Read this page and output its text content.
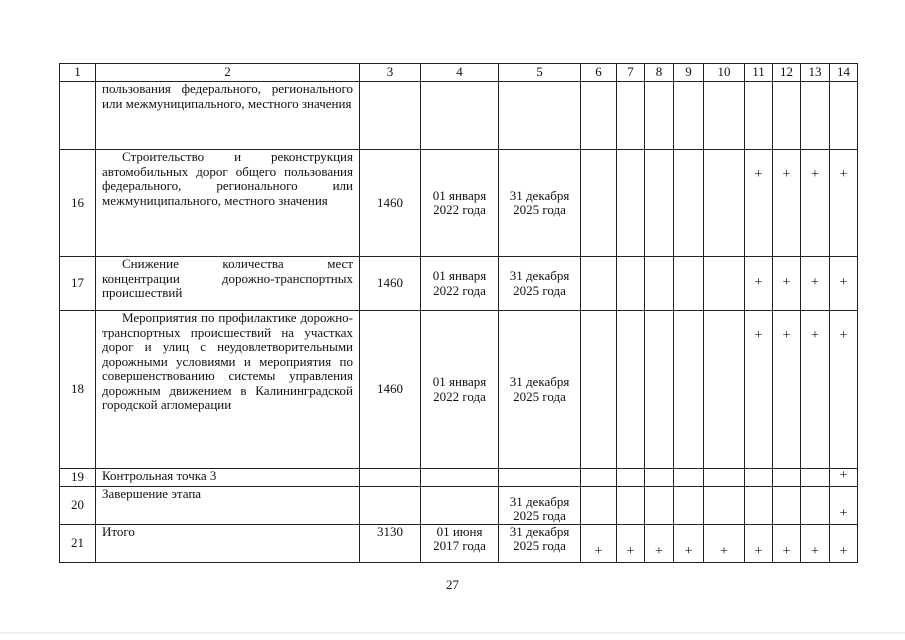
1	2	3	4	5	6	7	8	9	10	11	12	13	14
	пользования федерального, регионального или межмуниципального, местного значения												
16	Строительство и реконструкция автомобильных дорог общего пользования федерального, регионального или межмуниципального, местного значения	1460	01 января 2022 года	31 декабря 2025 года						+	+	+	+
17	Снижение количества мест концентрации дорожно-транспортных происшествий	1460	01 января 2022 года	31 декабря 2025 года						+	+	+	+
18	Мероприятия по профилактике дорожно-транспортных происшествий на участках дорог и улиц с неудовлетворительными дорожными условиями и мероприятия по совершенствованию системы управления дорожным движением в Калининградской городской агломерации	1460	01 января 2022 года	31 декабря 2025 года						+	+	+	+
19	Контрольная точка 3												+
20	Завершение этапа			31 декабря 2025 года									+
21	Итого	3130	01 июня 2017 года	31 декабря 2025 года	+	+	+	+	+	+	+	+	+
27
